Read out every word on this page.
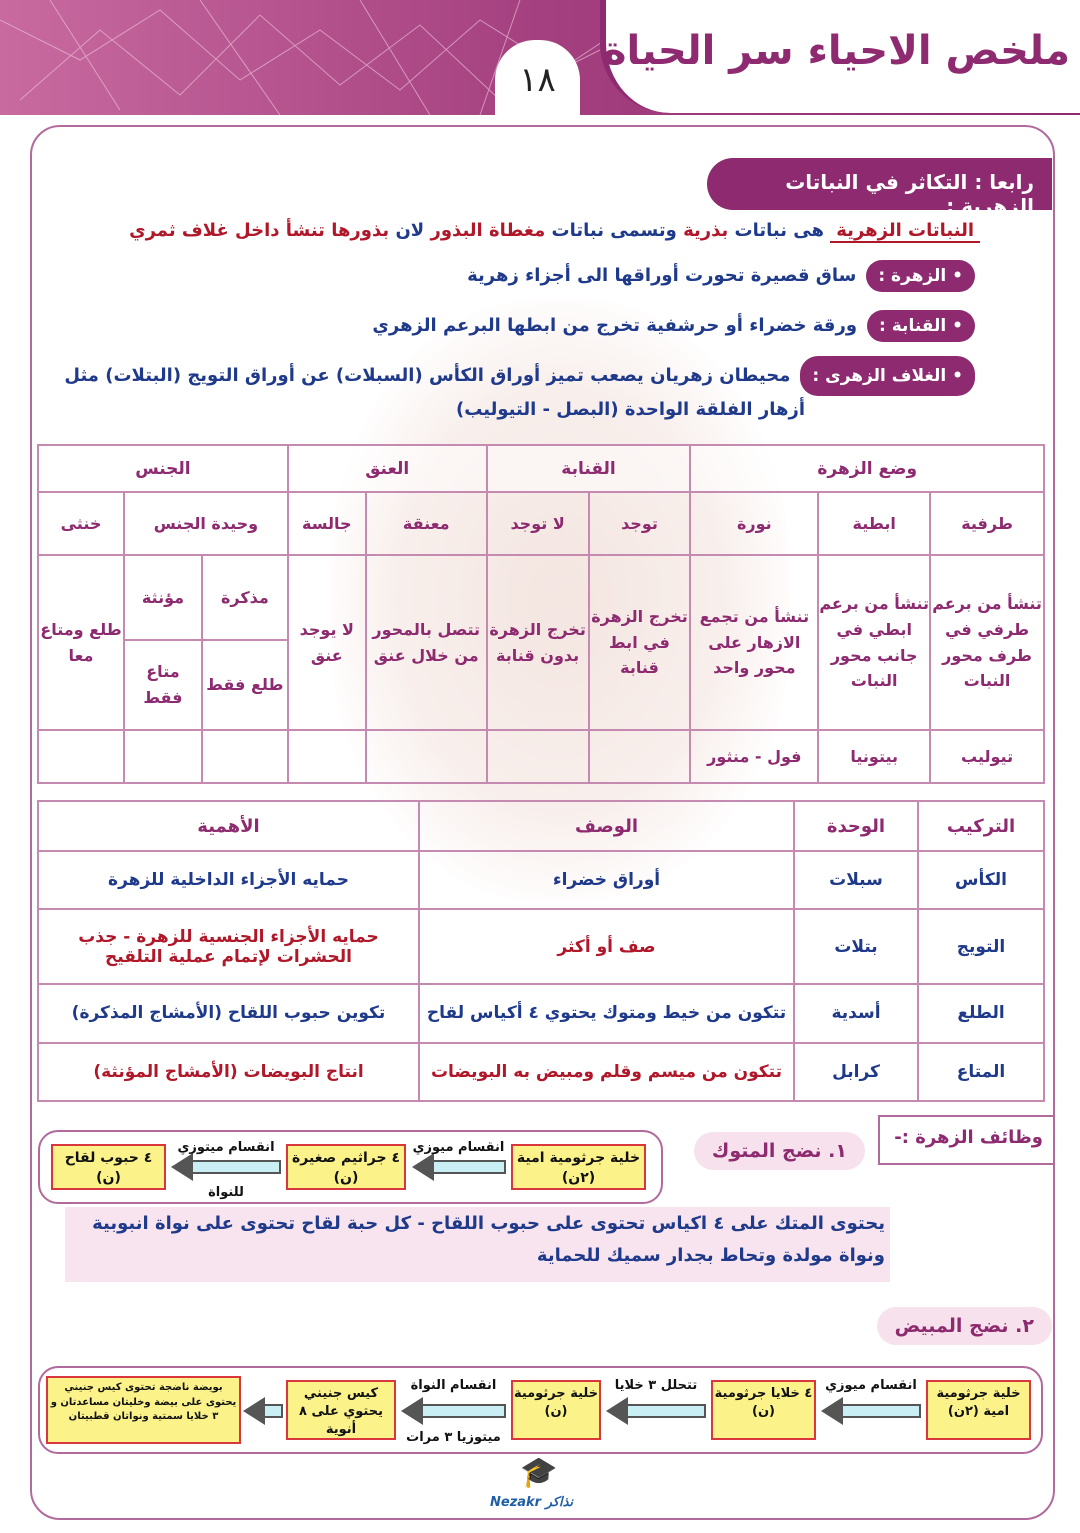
ملخص الاحياء سر الحياة
١٨
رابعا : التكاثر في النباتات الزهرية :
النباتات الزهرية هى نباتات بذرية وتسمى نباتات مغطاة البذور لان بذورها تنشأ داخل غلاف ثمري
• الزهرة :ساق قصيرة تحورت أوراقها الى أجزاء زهرية
• القنابة :ورقة خضراء أو حرشفية تخرج من ابطها البرعم الزهري
• الغلاف الزهرى :محيطان زهريان يصعب تميز أوراق الكأس (السبلات) عن أوراق التويج (البتلات) مثل
أزهار الفلقة الواحدة (البصل - التيوليب)
وضع الزهرة			القنابة		العنق		الجنس		
طرفية	ابطية	نورة	توجد	لا توجد	معنقة	جالسة	وحيدة الجنس		خنثى
تنشأ من برعم طرفي في طرف محور النبات	تنشأ من برعم ابطي في جانب محور النبات	تنشأ من تجمع الازهار على محور واحد	تخرج الزهرة في ابط قنابة	تخرج الزهرة بدون قنابة	تتصل بالمحور من خلال عنق	لا يوجد عنق	مذكرة	مؤنثة	طلع ومتاع معا
							طلع فقط	متاع فقط	
تيوليب	بيتونيا	فول - منثور							
التركيب	الوحدة	الوصف	الأهمية
الكأس	سبلات	أوراق خضراء	حمايه الأجزاء الداخلية للزهرة
التويج	بتلات	صف أو أكثر	حمايه الأجزاء الجنسية للزهرة - جذب الحشرات لإتمام عملية التلقيح
الطلع	أسدية	تتكون من خيط ومتوك يحتوي ٤ أكياس لقاح	تكوين حبوب اللقاح (الأمشاج المذكرة)
المتاع	كرابل	تتكون من ميسم وقلم ومبيض به البويضات	انتاج البويضات (الأمشاج المؤنثة)
وظائف الزهرة :-
١. نضج المتوك
خلية جرثومية امية (٢ن)
انقسام ميوزي
٤ جراثيم صغيرة (ن)
انقسام ميتوزي
للنواة
٤ حبوب لقاح (ن)
يحتوى المتك على ٤ اكياس تحتوى على حبوب اللقاح - كل حبة لقاح تحتوى على نواة انبوبية
ونواة مولدة وتحاط بجدار سميك للحماية
٢. نضج المبيض
خلية جرثومية امية (٢ن)
انقسام ميوزي
٤ خلايا جرثومية (ن)
تتحلل ٣ خلايا
خلية جرثومية (ن)
انقسام النواة
ميتوزيا ٣ مرات
كيس جنيني يحتوي على ٨ أنوية
بويضة ناضجة تحتوى كيس جنيني يحتوى على بيضة وخليتان مساعدتان و ٣ خلايا سمتية ونواتان قطبيتان
Nezakr نذاكر
🎓
